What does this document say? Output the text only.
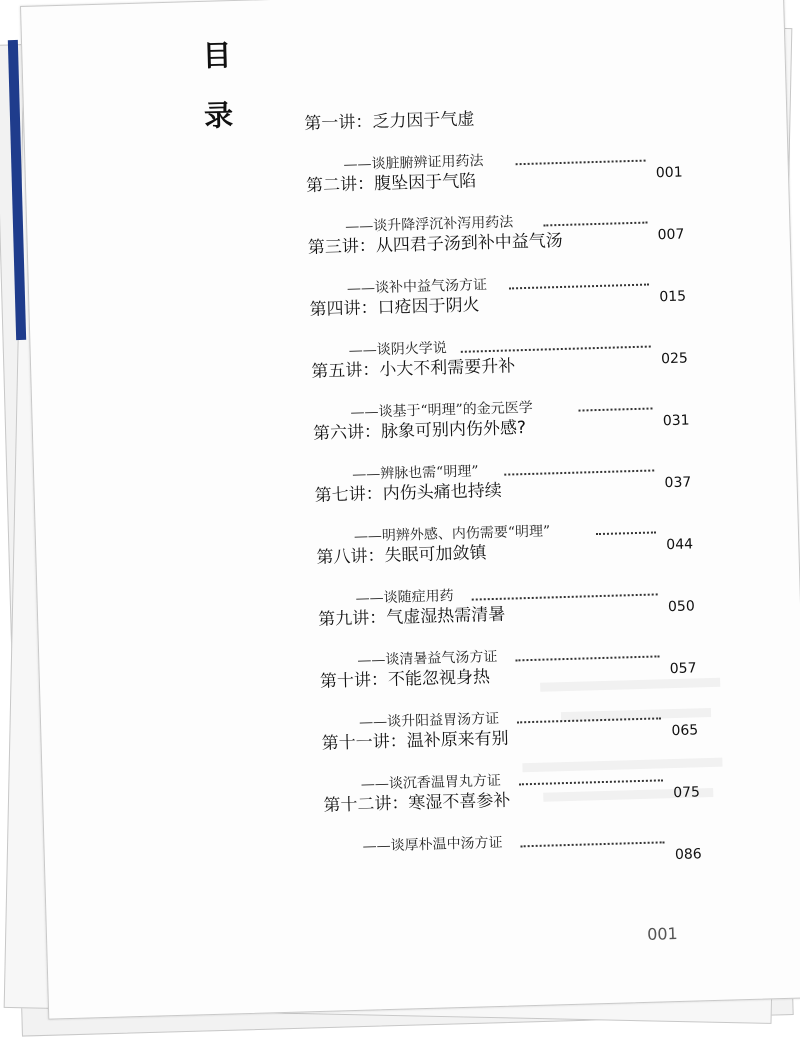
目
录	第一讲：乏力因于气虚
——谈脏腑辨证用药法	001
第二讲：腹坠因于气陷
——谈升降浮沉补泻用药法	007
第三讲：从四君子汤到补中益气汤
——谈补中益气汤方证	015
第四讲：口疮因于阴火
——谈阴火学说	025
第五讲：小大不利需要升补
——谈基于“明理”的金元医学	031
第六讲：脉象可别内伤外感?
——辨脉也需“明理”	037
第七讲：内伤头痛也持续
——明辨外感、内伤需要“明理”	044
第八讲：失眠可加敛镇
——谈随症用药	050
第九讲：气虚湿热需清暑
——谈清暑益气汤方证	057
第十讲：不能忽视身热
——谈升阳益胃汤方证	065
第十一讲：温补原来有别
——谈沉香温胃丸方证	075
第十二讲：寒湿不喜参补
——谈厚朴温中汤方证	086
001
